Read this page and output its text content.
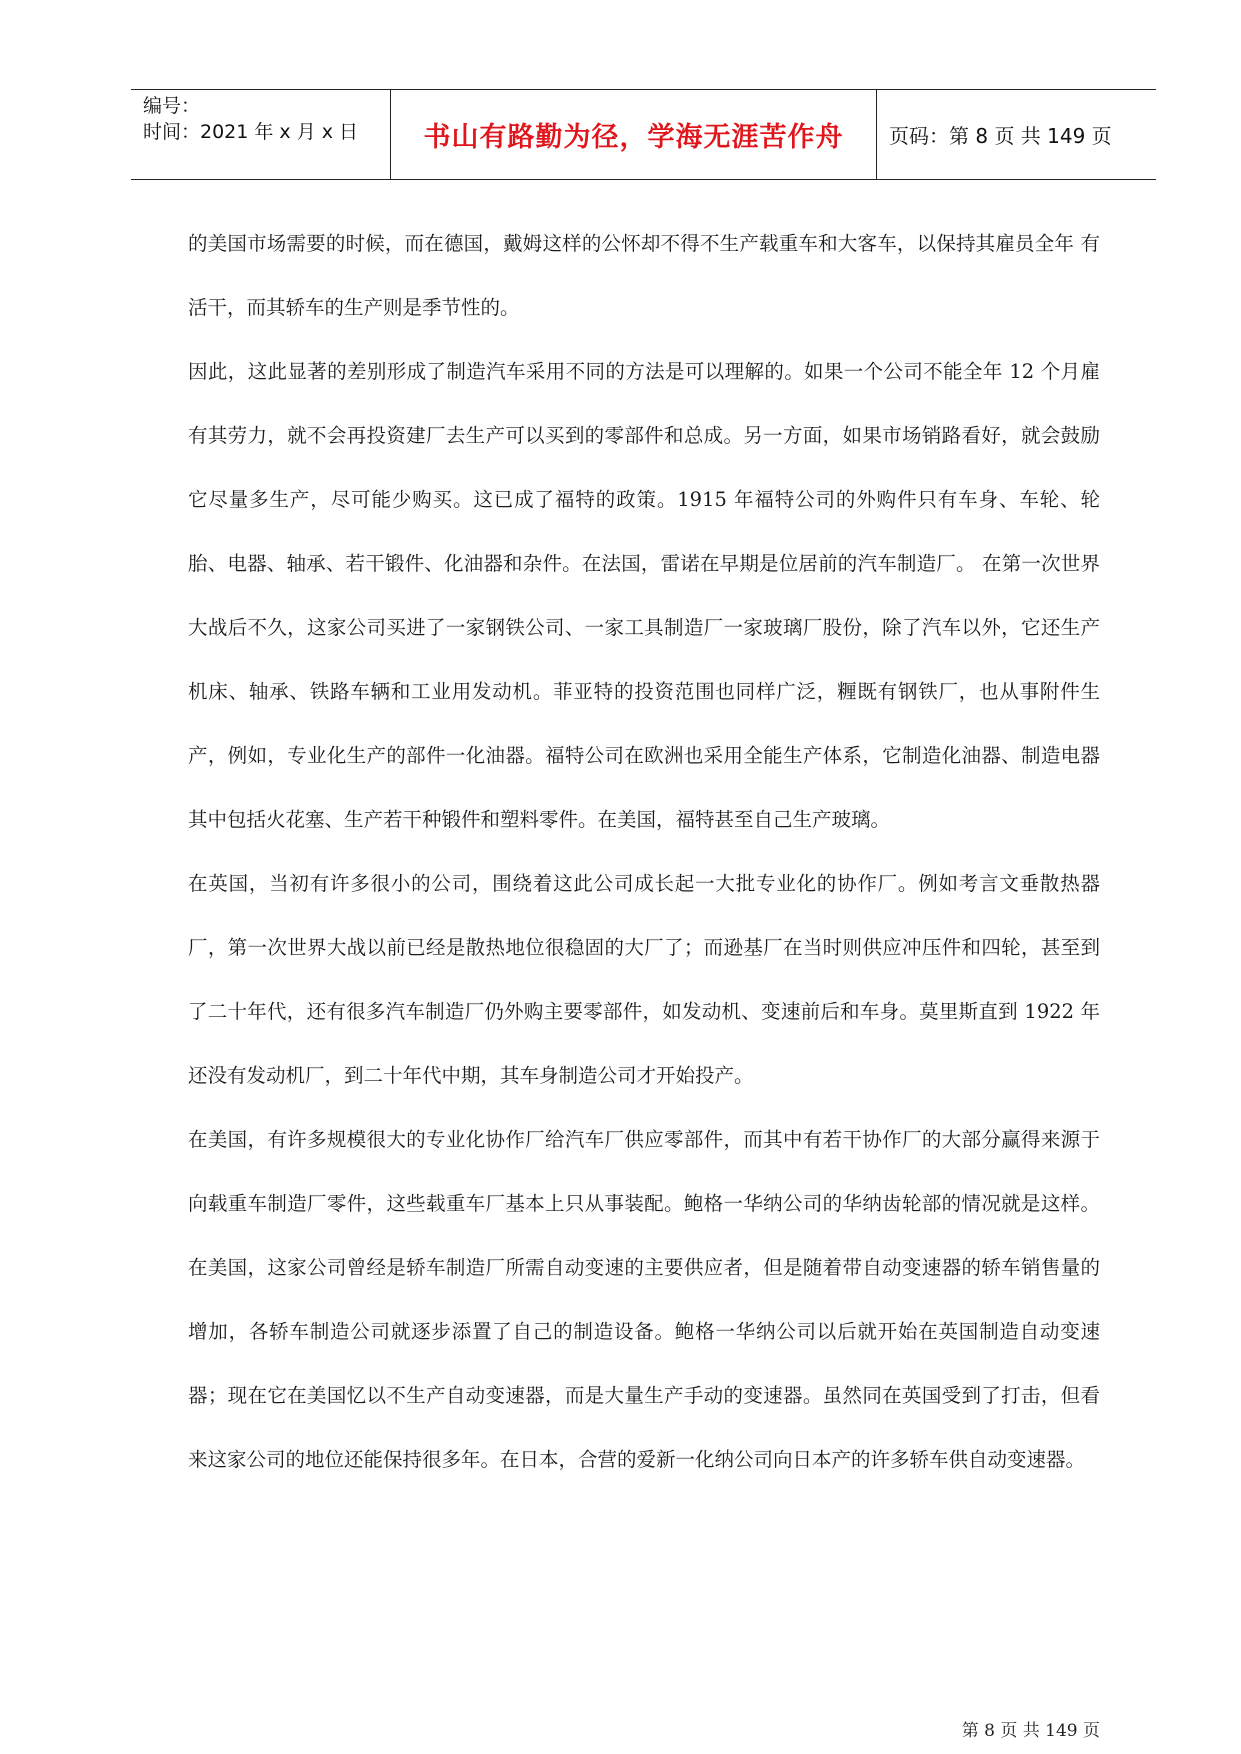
编号：
时间：2021 年 x 月 x 日	书山有路勤为径，学海无涯苦作舟 页码：第 8 页 共 149 页

的美国市场需要的时候，而在德国，戴姆这样的公怀却不得不生产载重车和大客车，以保持其雇员全年 有活干，而其轿车的生产则是季节性的。

因此，这此显著的差别形成了制造汽车采用不同的方法是可以理解的。如果一个公司不能全年 12 个月雇有其劳力，就不会再投资建厂去生产可以买到的零部件和总成。另一方面，如果市场销路看好，就会鼓励它尽量多生产，尽可能少购买。这已成了福特的政策。1915 年福特公司的外购件只有车身、车轮、轮胎、电器、轴承、若干锻件、化油器和杂件。在法国，雷诺在早期是位居前的汽车制造厂。 在第一次世界大战后不久，这家公司买进了一家钢铁公司、一家工具制造厂一家玻璃厂股份，除了汽车以外，它还生产机床、轴承、铁路车辆和工业用发动机。菲亚特的投资范围也同样广泛，糎既有钢铁厂，也从事附件生产，例如，专业化生产的部件一化油器。福特公司在欧洲也采用全能生产体系，它制造化油器、制造电器其中包括火花塞、生产若干种锻件和塑料零件。在美国，福特甚至自己生产玻璃。

在英国，当初有许多很小的公司，围绕着这此公司成长起一大批专业化的协作厂。例如考言文垂散热器厂，第一次世界大战以前已经是散热地位很稳固的大厂了；而逊基厂在当时则供应冲压件和四轮，甚至到了二十年代，还有很多汽车制造厂仍外购主要零部件，如发动机、变速前后和车身。莫里斯直到 1922 年还没有发动机厂，到二十年代中期，其车身制造公司才开始投产。

在美国，有许多规模很大的专业化协作厂给汽车厂供应零部件，而其中有若干协作厂的大部分赢得来源于向载重车制造厂零件，这些载重车厂基本上只从事装配。鲍格一华纳公司的华纳齿轮部的情况就是这样。在美国，这家公司曾经是轿车制造厂所需自动变速的主要供应者，但是随着带自动变速器的轿车销售量的增加，各轿车制造公司就逐步添置了自己的制造设备。鲍格一华纳公司以后就开始在英国制造自动变速器；现在它在美国忆以不生产自动变速器，而是大量生产手动的变速器。虽然同在英国受到了打击，但看来这家公司的地位还能保持很多年。在日本，合营的爱新一化纳公司向日本产的许多轿车供自动变速器。

第 8 页 共 149 页
